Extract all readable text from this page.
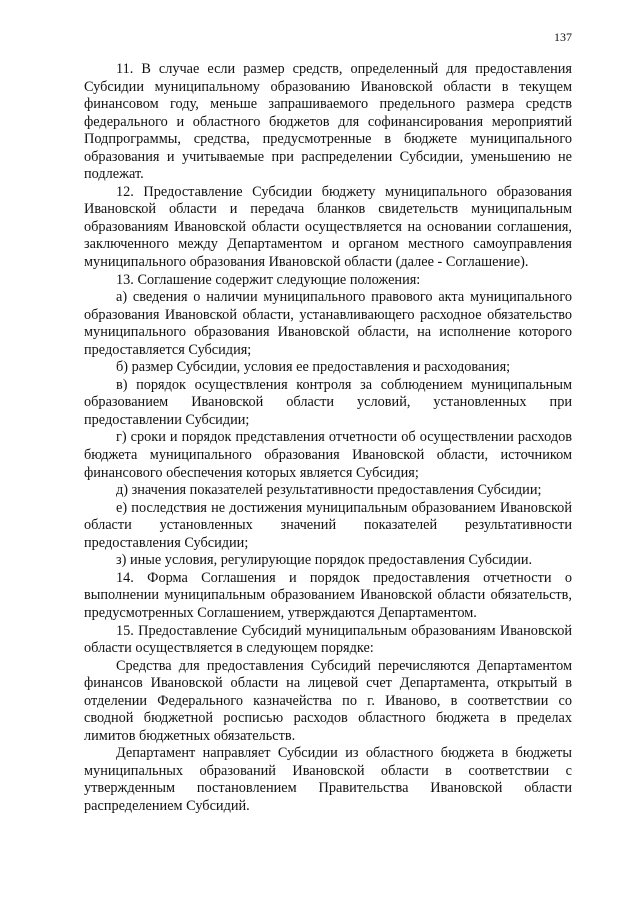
137

11. В случае если размер средств, определенный для предоставления Субсидии муниципальному образованию Ивановской области в текущем финансовом году, меньше запрашиваемого предельного размера средств федерального и областного бюджетов для софинансирования мероприятий Подпрограммы, средства, предусмотренные в бюджете муниципального образования и учитываемые при распределении Субсидии, уменьшению не подлежат.

12. Предоставление Субсидии бюджету муниципального образования Ивановской области и передача бланков свидетельств муниципальным образованиям Ивановской области осуществляется на основании соглашения, заключенного между Департаментом и органом местного самоуправления муниципального образования Ивановской области (далее - Соглашение).

13. Соглашение содержит следующие положения:

а) сведения о наличии муниципального правового акта муниципального образования Ивановской области, устанавливающего расходное обязательство муниципального образования Ивановской области, на исполнение которого предоставляется Субсидия;

б) размер Субсидии, условия ее предоставления и расходования;

в) порядок осуществления контроля за соблюдением муниципальным образованием Ивановской области условий, установленных при предоставлении Субсидии;

г) сроки и порядок представления отчетности об осуществлении расходов бюджета муниципального образования Ивановской области, источником финансового обеспечения которых является Субсидия;

д) значения показателей результативности предоставления Субсидии;

е) последствия не достижения муниципальным образованием Ивановской области установленных значений показателей результативности предоставления Субсидии;

з) иные условия, регулирующие порядок предоставления Субсидии.

14. Форма Соглашения и порядок предоставления отчетности о выполнении муниципальным образованием Ивановской области обязательств, предусмотренных Соглашением, утверждаются Департаментом.

15. Предоставление Субсидий муниципальным образованиям Ивановской области осуществляется в следующем порядке:

Средства для предоставления Субсидий перечисляются Департаментом финансов Ивановской области на лицевой счет Департамента, открытый в отделении Федерального казначейства по г. Иваново, в соответствии со сводной бюджетной росписью расходов областного бюджета в пределах лимитов бюджетных обязательств.

Департамент направляет Субсидии из областного бюджета в бюджеты муниципальных образований Ивановской области в соответствии с утвержденным постановлением Правительства Ивановской области распределением Субсидий.
